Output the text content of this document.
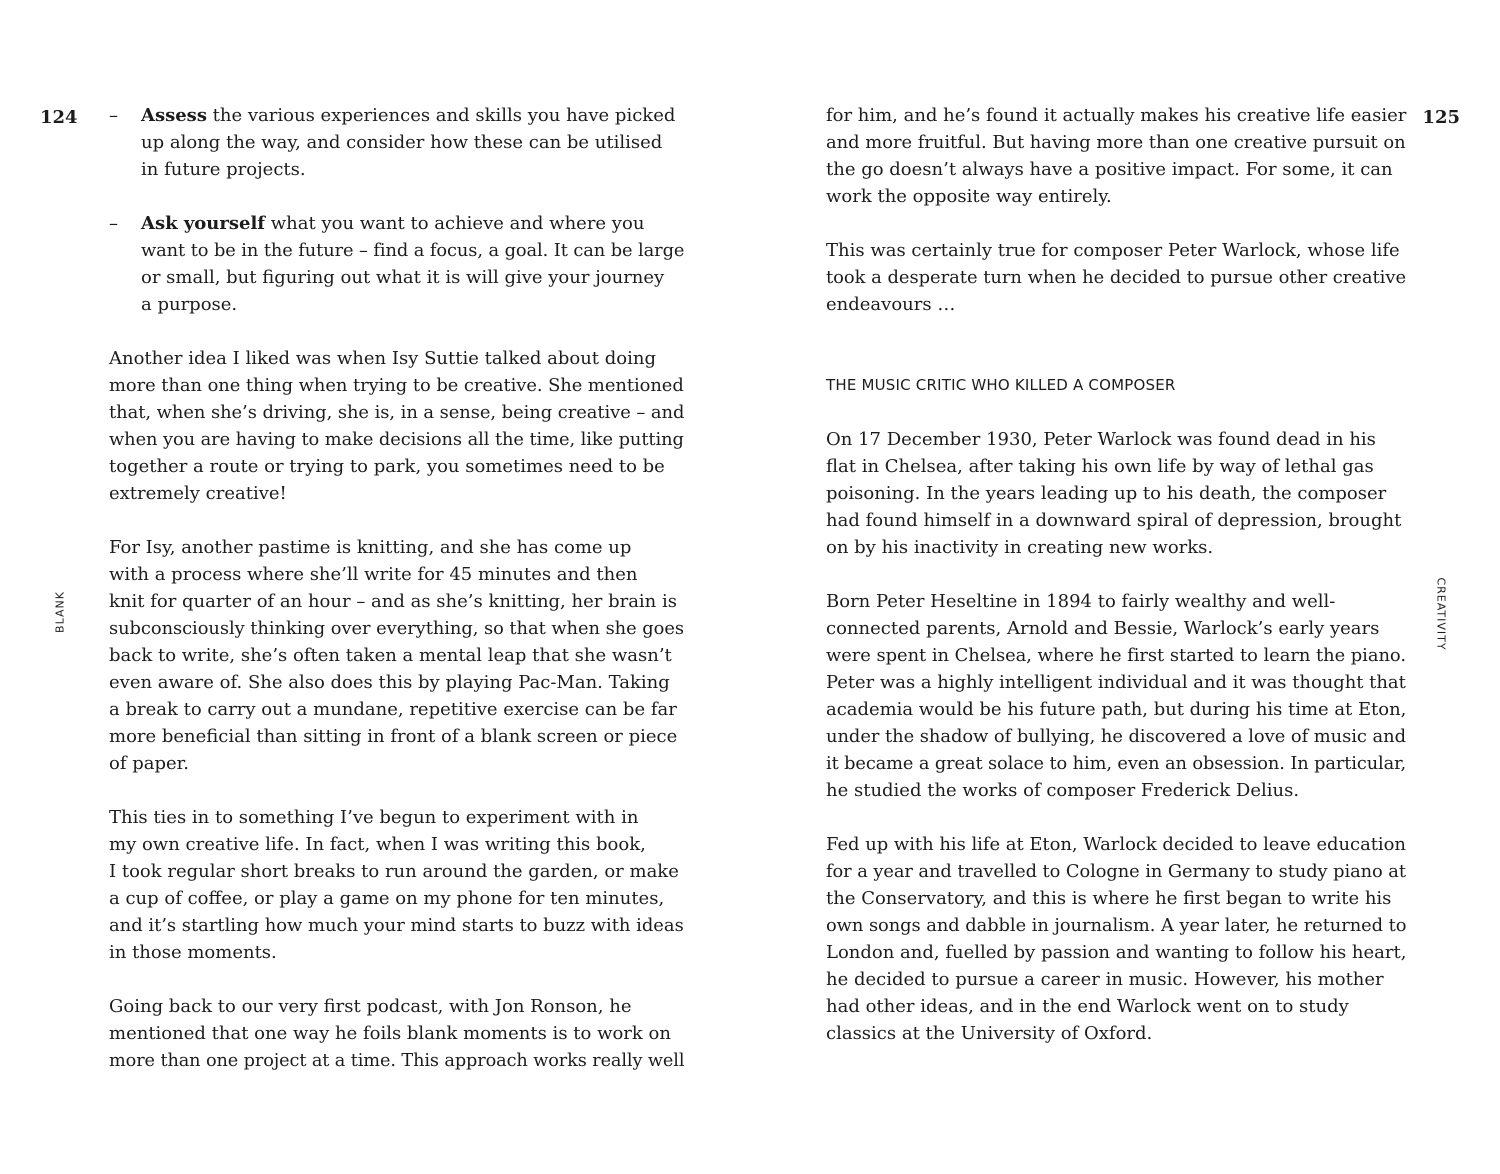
124
BLANK
– Assess the various experiences and skills you have picked
up along the way, and consider how these can be utilised
in future projects.
– Ask yourself what you want to achieve and where you
want to be in the future – find a focus, a goal. It can be large
or small, but figuring out what it is will give your journey
a purpose.
Another idea I liked was when Isy Suttie talked about doing
more than one thing when trying to be creative. She mentioned
that, when she’s driving, she is, in a sense, being creative – and
when you are having to make decisions all the time, like putting
together a route or trying to park, you sometimes need to be
extremely creative!
For Isy, another pastime is knitting, and she has come up
with a process where she’ll write for 45 minutes and then
knit for quarter of an hour – and as she’s knitting, her brain is
subconsciously thinking over everything, so that when she goes
back to write, she’s often taken a mental leap that she wasn’t
even aware of. She also does this by playing Pac-Man. Taking
a break to carry out a mundane, repetitive exercise can be far
more beneficial than sitting in front of a blank screen or piece
of paper.
This ties in to something I’ve begun to experiment with in
my own creative life. In fact, when I was writing this book,
I took regular short breaks to run around the garden, or make
a cup of coffee, or play a game on my phone for ten minutes,
and it’s startling how much your mind starts to buzz with ideas
in those moments.
Going back to our very first podcast, with Jon Ronson, he
mentioned that one way he foils blank moments is to work on
more than one project at a time. This approach works really well
125
CREATIVITY
for him, and he’s found it actually makes his creative life easier
and more fruitful. But having more than one creative pursuit on
the go doesn’t always have a positive impact. For some, it can
work the opposite way entirely.
This was certainly true for composer Peter Warlock, whose life
took a desperate turn when he decided to pursue other creative
endeavours …
THE MUSIC CRITIC WHO KILLED A COMPOSER
On 17 December 1930, Peter Warlock was found dead in his
flat in Chelsea, after taking his own life by way of lethal gas
poisoning. In the years leading up to his death, the composer
had found himself in a downward spiral of depression, brought
on by his inactivity in creating new works.
Born Peter Heseltine in 1894 to fairly wealthy and well-
connected parents, Arnold and Bessie, Warlock’s early years
were spent in Chelsea, where he first started to learn the piano.
Peter was a highly intelligent individual and it was thought that
academia would be his future path, but during his time at Eton,
under the shadow of bullying, he discovered a love of music and
it became a great solace to him, even an obsession. In particular,
he studied the works of composer Frederick Delius.
Fed up with his life at Eton, Warlock decided to leave education
for a year and travelled to Cologne in Germany to study piano at
the Conservatory, and this is where he first began to write his
own songs and dabble in journalism. A year later, he returned to
London and, fuelled by passion and wanting to follow his heart,
he decided to pursue a career in music. However, his mother
had other ideas, and in the end Warlock went on to study
classics at the University of Oxford.
